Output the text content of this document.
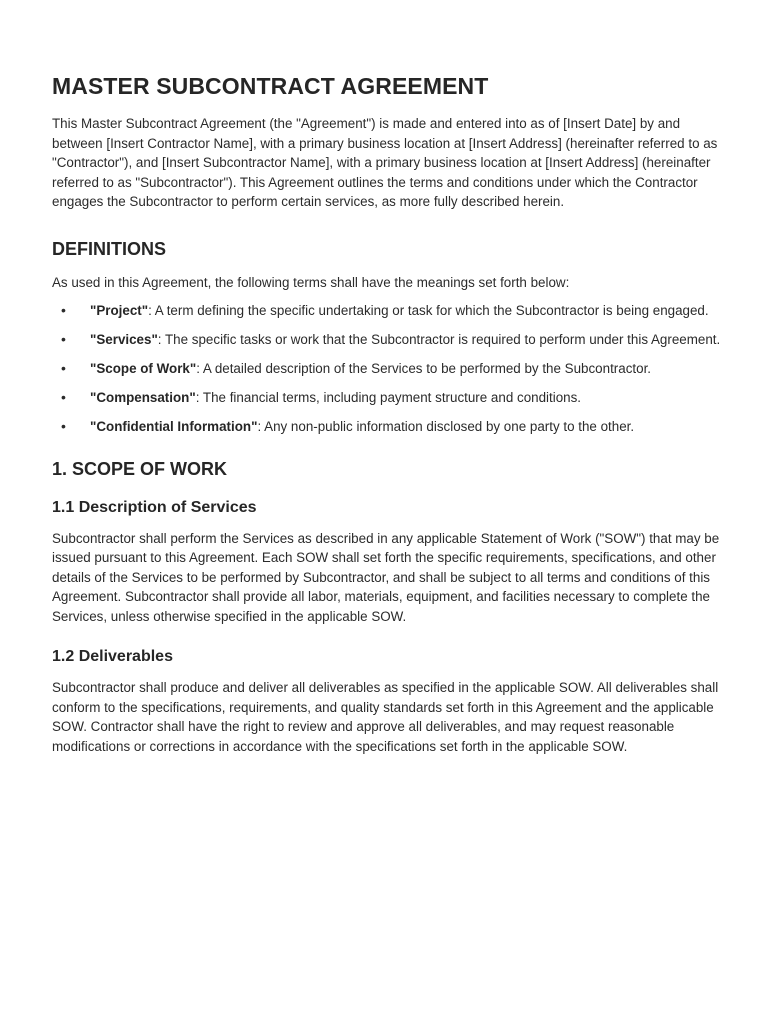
MASTER SUBCONTRACT AGREEMENT

This Master Subcontract Agreement (the "Agreement") is made and entered into as of [Insert Date] by and between [Insert Contractor Name], with a primary business location at [Insert Address] (hereinafter referred to as "Contractor"), and [Insert Subcontractor Name], with a primary business location at [Insert Address] (hereinafter referred to as "Subcontractor"). This Agreement outlines the terms and conditions under which the Contractor engages the Subcontractor to perform certain services, as more fully described herein.

DEFINITIONS

As used in this Agreement, the following terms shall have the meanings set forth below:

• "Project": A term defining the specific undertaking or task for which the Subcontractor is being engaged.
• "Services": The specific tasks or work that the Subcontractor is required to perform under this Agreement.
• "Scope of Work": A detailed description of the Services to be performed by the Subcontractor.
• "Compensation": The financial terms, including payment structure and conditions.
• "Confidential Information": Any non-public information disclosed by one party to the other.
1. SCOPE OF WORK
1.1 Description of Services

Subcontractor shall perform the Services as described in any applicable Statement of Work ("SOW") that may be issued pursuant to this Agreement. Each SOW shall set forth the specific requirements, specifications, and other details of the Services to be performed by Subcontractor, and shall be subject to all terms and conditions of this Agreement. Subcontractor shall provide all labor, materials, equipment, and facilities necessary to complete the Services, unless otherwise specified in the applicable SOW.

1.2 Deliverables

Subcontractor shall produce and deliver all deliverables as specified in the applicable SOW. All deliverables shall conform to the specifications, requirements, and quality standards set forth in this Agreement and the applicable SOW. Contractor shall have the right to review and approve all deliverables, and may request reasonable modifications or corrections in accordance with the specifications set forth in the applicable SOW.
